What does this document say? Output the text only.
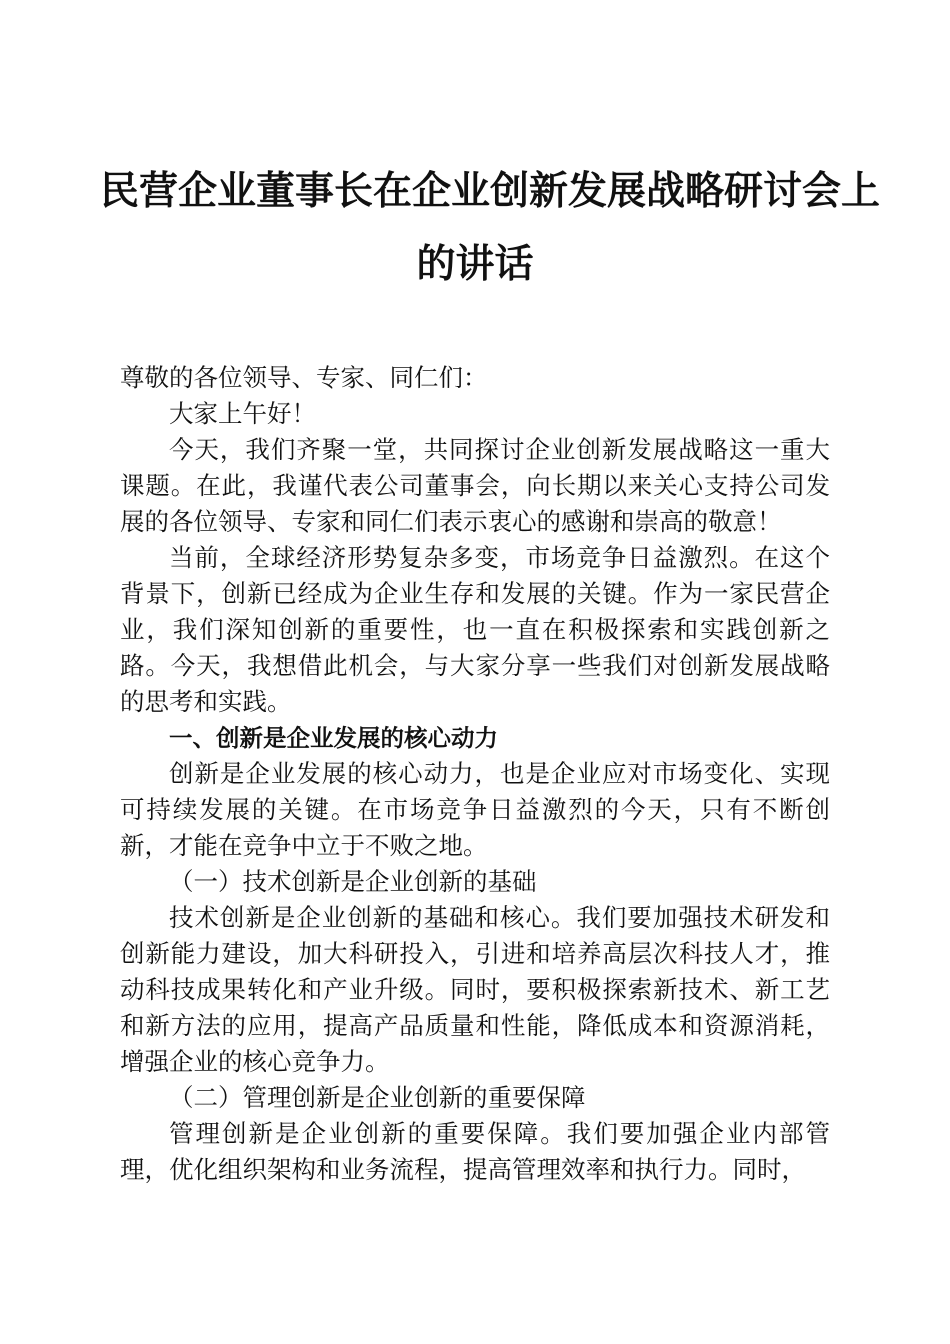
民营企业董事长在企业创新发展战略研讨会上
的讲话

尊敬的各位领导、专家、同仁们：

大家上午好！

今天，我们齐聚一堂，共同探讨企业创新发展战略这一重大课题。在此，我谨代表公司董事会，向长期以来关心支持公司发展的各位领导、专家和同仁们表示衷心的感谢和崇高的敬意！

当前，全球经济形势复杂多变，市场竞争日益激烈。在这个背景下，创新已经成为企业生存和发展的关键。作为一家民营企业，我们深知创新的重要性，也一直在积极探索和实践创新之路。今天，我想借此机会，与大家分享一些我们对创新发展战略的思考和实践。

一、创新是企业发展的核心动力

创新是企业发展的核心动力，也是企业应对市场变化、实现可持续发展的关键。在市场竞争日益激烈的今天，只有不断创新，才能在竞争中立于不败之地。

（一）技术创新是企业创新的基础

技术创新是企业创新的基础和核心。我们要加强技术研发和创新能力建设，加大科研投入，引进和培养高层次科技人才，推动科技成果转化和产业升级。同时，要积极探索新技术、新工艺和新方法的应用，提高产品质量和性能，降低成本和资源消耗，增强企业的核心竞争力。

（二）管理创新是企业创新的重要保障

管理创新是企业创新的重要保障。我们要加强企业内部管理，优化组织架构和业务流程，提高管理效率和执行力。同时，
